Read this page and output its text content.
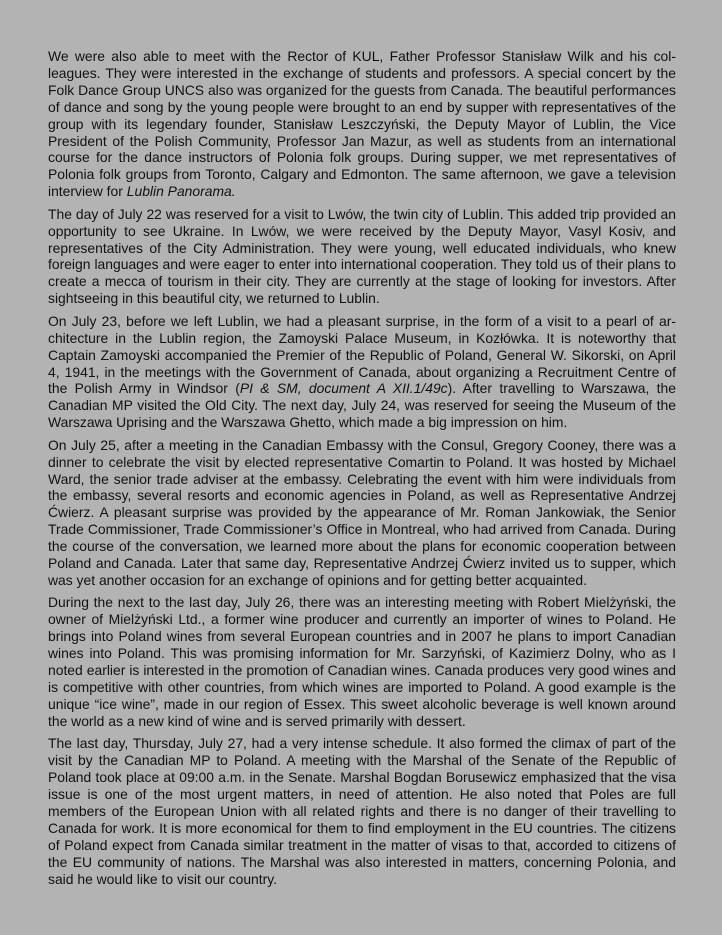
We were also able to meet with the Rector of KUL, Father Professor Stanisław Wilk and his colleagues. They were interested in the exchange of students and professors. A special concert by the Folk Dance Group UNCS also was organized for the guests from Canada. The beautiful performances of dance and song by the young people were brought to an end by supper with representatives of the group with its legendary founder, Stanisław Leszczyński, the Deputy Mayor of Lublin, the Vice President of the Polish Community, Professor Jan Mazur, as well as students from an international course for the dance instructors of Polonia folk groups. During supper, we met representatives of Polonia folk groups from Toronto, Calgary and Edmonton. The same afternoon, we gave a television interview for Lublin Panorama.

The day of July 22 was reserved for a visit to Lwów, the twin city of Lublin. This added trip provided an opportunity to see Ukraine. In Lwów, we were received by the Deputy Mayor, Vasyl Kosiv, and representatives of the City Administration. They were young, well educated individuals, who knew foreign languages and were eager to enter into international cooperation. They told us of their plans to create a mecca of tourism in their city. They are currently at the stage of looking for investors. After sightseeing in this beautiful city, we returned to Lublin.

On July 23, before we left Lublin, we had a pleasant surprise, in the form of a visit to a pearl of architecture in the Lublin region, the Zamoyski Palace Museum, in Kozłówka. It is noteworthy that Captain Zamoyski accompanied the Premier of the Republic of Poland, General W. Sikorski, on April 4, 1941, in the meetings with the Government of Canada, about organizing a Recruitment Centre of the Polish Army in Windsor (PI & SM, document A XII.1/49c). After travelling to Warszawa, the Canadian MP visited the Old City. The next day, July 24, was reserved for seeing the Museum of the Warszawa Uprising and the Warszawa Ghetto, which made a big impression on him.

On July 25, after a meeting in the Canadian Embassy with the Consul, Gregory Cooney, there was a dinner to celebrate the visit by elected representative Comartin to Poland. It was hosted by Michael Ward, the senior trade adviser at the embassy. Celebrating the event with him were individuals from the embassy, several resorts and economic agencies in Poland, as well as Representative Andrzej Ćwierz. A pleasant surprise was provided by the appearance of Mr. Roman Jankowiak, the Senior Trade Commissioner, Trade Commissioner’s Office in Montreal, who had arrived from Canada. During the course of the conversation, we learned more about the plans for economic cooperation between Poland and Canada. Later that same day, Representative Andrzej Ćwierz invited us to supper, which was yet another occasion for an exchange of opinions and for getting better acquainted.

During the next to the last day, July 26, there was an interesting meeting with Robert Mielżyński, the owner of Mielżyński Ltd., a former wine producer and currently an importer of wines to Poland. He brings into Poland wines from several European countries and in 2007 he plans to import Canadian wines into Poland. This was promising information for Mr. Sarzyński, of Kazimierz Dolny, who as I noted earlier is interested in the promotion of Canadian wines. Canada produces very good wines and is competitive with other countries, from which wines are imported to Poland. A good example is the unique “ice wine”, made in our region of Essex. This sweet alcoholic beverage is well known around the world as a new kind of wine and is served primarily with dessert.

The last day, Thursday, July 27, had a very intense schedule. It also formed the climax of part of the visit by the Canadian MP to Poland. A meeting with the Marshal of the Senate of the Republic of Poland took place at 09:00 a.m. in the Senate. Marshal Bogdan Borusewicz emphasized that the visa issue is one of the most urgent matters, in need of attention. He also noted that Poles are full members of the European Union with all related rights and there is no danger of their travelling to Canada for work. It is more economical for them to find employment in the EU countries. The citizens of Poland expect from Canada similar treatment in the matter of visas to that, accorded to citizens of the EU community of nations. The Marshal was also interested in matters, concerning Polonia, and said he would like to visit our country.
